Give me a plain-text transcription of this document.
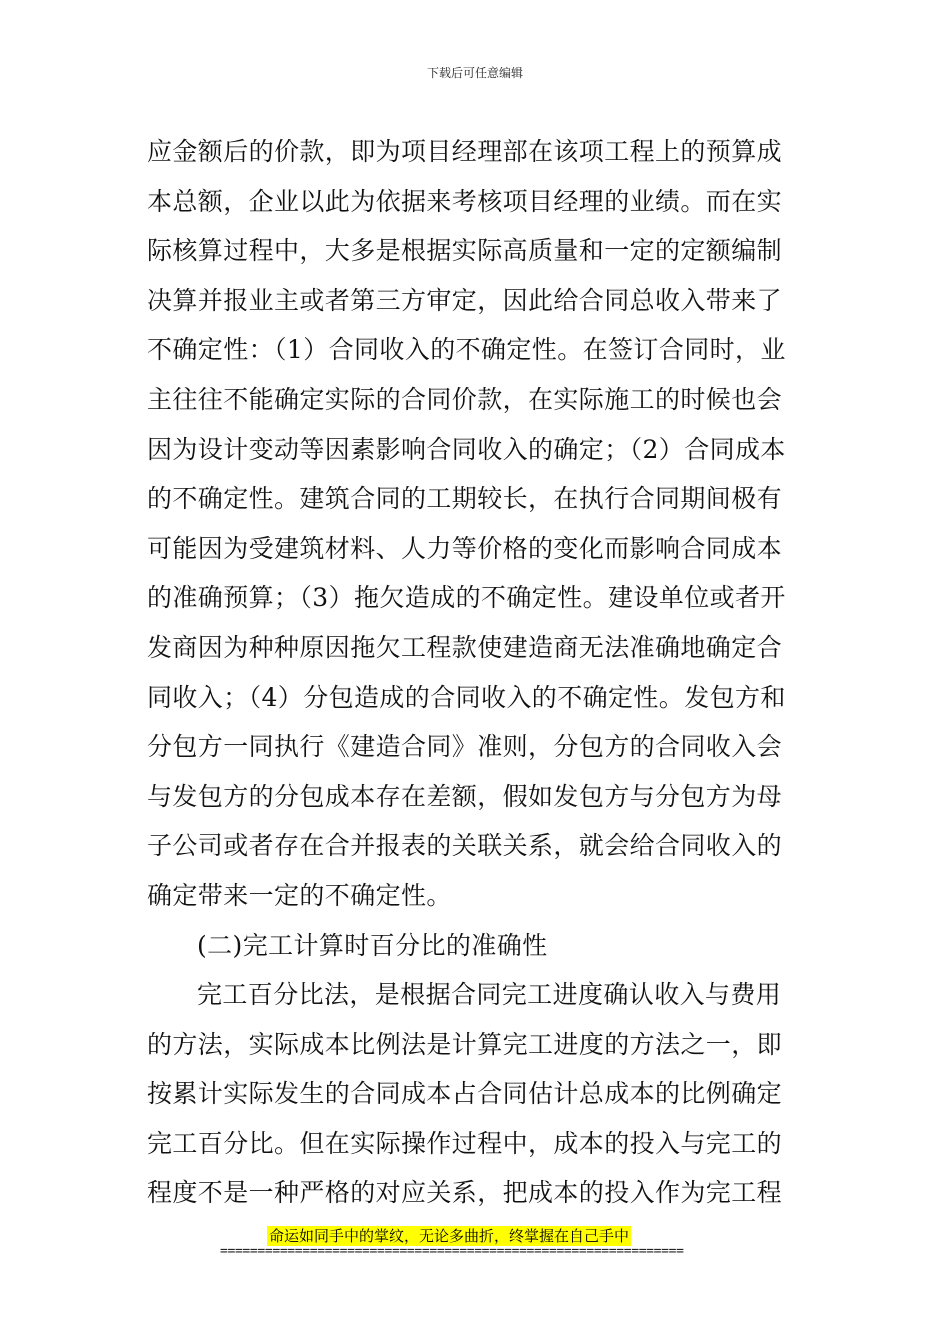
下载后可任意编辑
应金额后的价款，即为项目经理部在该项工程上的预算成
本总额，企业以此为依据来考核项目经理的业绩。而在实
际核算过程中，大多是根据实际高质量和一定的定额编制
决算并报业主或者第三方审定，因此给合同总收入带来了
不确定性：（1）合同收入的不确定性。在签订合同时，业
主往往不能确定实际的合同价款，在实际施工的时候也会
因为设计变动等因素影响合同收入的确定；（2）合同成本
的不确定性。建筑合同的工期较长，在执行合同期间极有
可能因为受建筑材料、人力等价格的变化而影响合同成本
的准确预算；（3）拖欠造成的不确定性。建设单位或者开
发商因为种种原因拖欠工程款使建造商无法准确地确定合
同收入；（4）分包造成的合同收入的不确定性。发包方和
分包方一同执行《建造合同》准则，分包方的合同收入会
与发包方的分包成本存在差额，假如发包方与分包方为母
子公司或者存在合并报表的关联关系，就会给合同收入的
确定带来一定的不确定性。
(二)完工计算时百分比的准确性
完工百分比法，是根据合同完工进度确认收入与费用
的方法，实际成本比例法是计算完工进度的方法之一，即
按累计实际发生的合同成本占合同估计总成本的比例确定
完工百分比。但在实际操作过程中，成本的投入与完工的
程度不是一种严格的对应关系，把成本的投入作为完工程
命运如同手中的掌纹，无论多曲折，终掌握在自己手中
==============================================================
